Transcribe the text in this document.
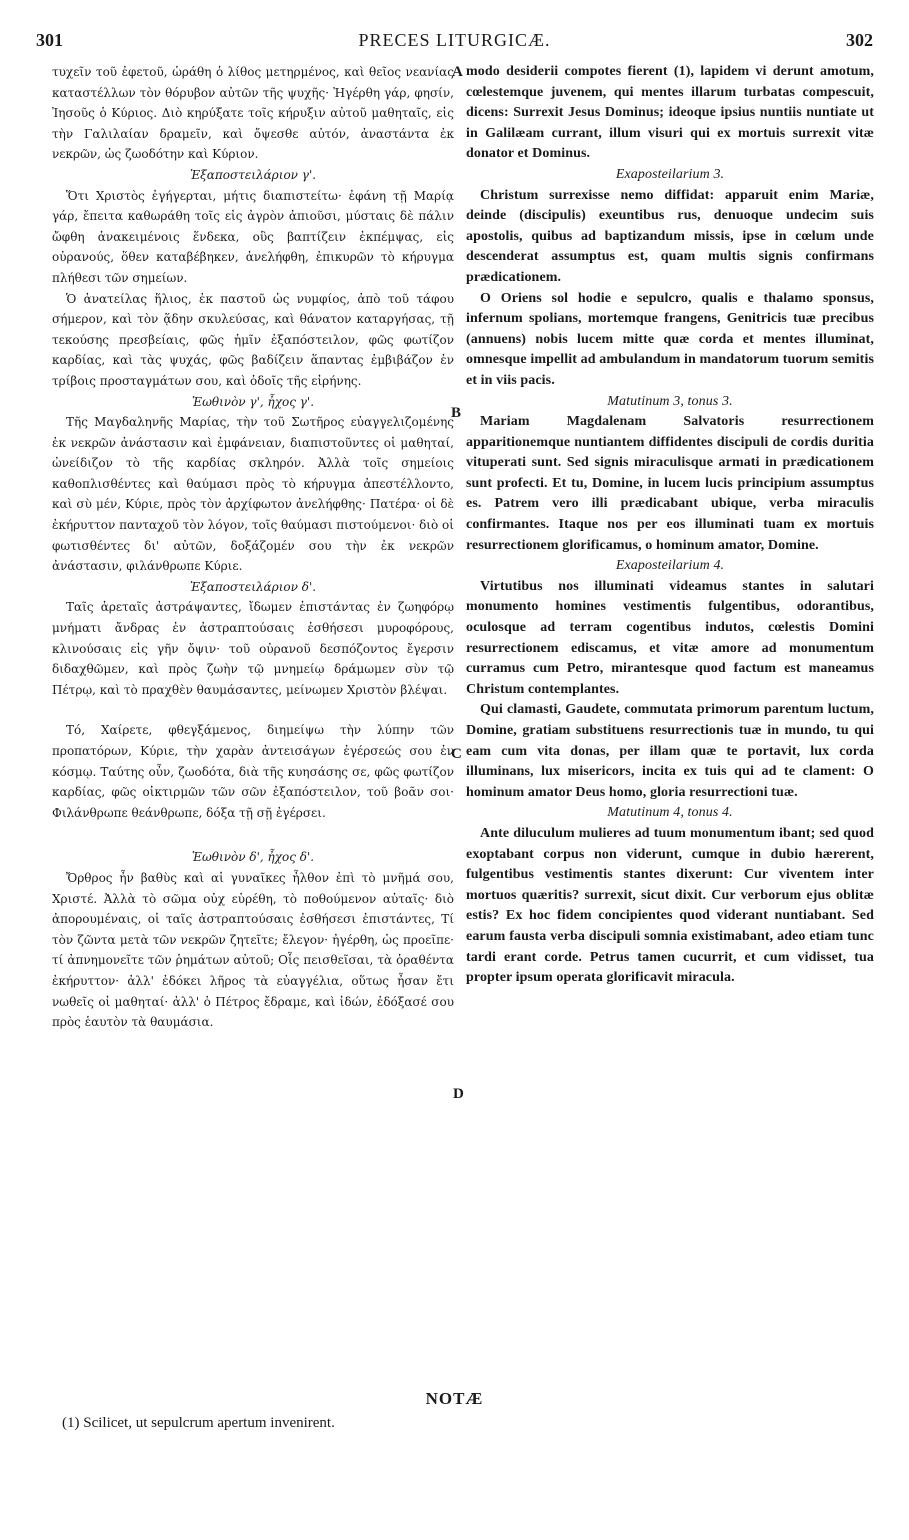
301	PRECES LITURGICÆ.	302
A
B
C
D

τυχεῖν τοῦ ἐφετοῦ, ὡράθη ὁ λίθος μετηρμένος, καὶ θεῖος νεανίας καταστέλλων τὸν θόρυβον αὐτῶν τῆς ψυχῆς· Ἠγέρθη γάρ, φησίν, Ἰησοῦς ὁ Κύριος. Διὸ κηρύξατε τοῖς κήρυξιν αὐτοῦ μαθηταῖς, εἰς τὴν Γαλιλαίαν δραμεῖν, καὶ ὄψεσθε αὐτόν, ἀναστάντα ἐκ νεκρῶν, ὡς ζωοδότην καὶ Κύριον.

Ἐξαποστειλάριον γ'.

Ὅτι Χριστὸς ἐγήγερται, μήτις διαπιστείτω· ἐφάνη τῇ Μαρίᾳ γάρ, ἔπειτα καθωράθη τοῖς εἰς ἀγρὸν ἀπιοῦσι, μύσταις δὲ πάλιν ὤφθη ἀνακειμένοις ἕνδεκα, οὓς βαπτίζειν ἐκπέμψας, εἰς οὐρανούς, ὅθεν καταβέβηκεν, ἀνελήφθη, ἐπικυρῶν τὸ κήρυγμα πλήθεσι τῶν σημείων.

Ὁ ἀνατείλας ἥλιος, ἐκ παστοῦ ὡς νυμφίος, ἀπὸ τοῦ τάφου σήμερον, καὶ τὸν ᾅδην σκυλεύσας, καὶ θάνατον καταργήσας, τῇ τεκούσης πρεσβείαις, φῶς ἡμῖν ἐξαπόστειλον, φῶς φωτίζον καρδίας, καὶ τὰς ψυχάς, φῶς βαδίζειν ἅπαντας ἐμβιβάζον ἐν τρίβοις προσταγμάτων σου, καὶ ὁδοῖς τῆς εἰρήνης.

Ἑωθινὸν γ', ἦχος γ'.

Τῆς Μαγδαληνῆς Μαρίας, τὴν τοῦ Σωτῆρος εὐαγγελιζομένης ἐκ νεκρῶν ἀνάστασιν καὶ ἐμφάνειαν, διαπιστοῦντες οἱ μαθηταί, ὠνείδιζον τὸ τῆς καρδίας σκληρόν. Ἀλλὰ τοῖς σημείοις καθοπλισθέντες καὶ θαύμασι πρὸς τὸ κήρυγμα ἀπεστέλλοντο, καὶ σὺ μέν, Κύριε, πρὸς τὸν ἀρχίφωτον ἀνελήφθης· Πατέρα· οἱ δὲ ἐκήρυττον πανταχοῦ τὸν λόγον, τοῖς θαύμασι πιστούμενοι· διὸ οἱ φωτισθέντες δι' αὐτῶν, δοξάζομέν σου τὴν ἐκ νεκρῶν ἀνάστασιν, φιλάνθρωπε Κύριε.

Ἐξαποστειλάριον δ'.

Ταῖς ἀρεταῖς ἀστράψαντες, ἴδωμεν ἐπιστάντας ἐν ζωηφόρῳ μνήματι ἄνδρας ἐν ἀστραπτούσαις ἐσθήσεσι μυροφόρους, κλινούσαις εἰς γῆν ὄψιν· τοῦ οὐρανοῦ δεσπόζοντος ἔγερσιν διδαχθῶμεν, καὶ πρὸς ζωὴν τῷ μνημείῳ δράμωμεν σὺν τῷ Πέτρῳ, καὶ τὸ πραχθὲν θαυμάσαντες, μείνωμεν Χριστὸν βλέψαι.

Τό, Χαίρετε, φθεγξάμενος, διημείψω τὴν λύπην τῶν προπατόρων, Κύριε, τὴν χαρὰν ἀντεισάγων ἐγέρσεώς σου ἐν κόσμῳ. Ταύτης οὖν, ζωοδότα, διὰ τῆς κυησάσης σε, φῶς φωτίζον καρδίας, φῶς οἰκτιρμῶν τῶν σῶν ἐξαπόστειλον, τοῦ βοᾶν σοι· Φιλάνθρωπε θεάνθρωπε, δόξα τῇ σῇ ἐγέρσει.

Ἑωθινὸν δ', ἦχος δ'.

Ὄρθρος ἦν βαθὺς καὶ αἱ γυναῖκες ἦλθον ἐπὶ τὸ μνῆμά σου, Χριστέ. Ἀλλὰ τὸ σῶμα οὐχ εὑρέθη, τὸ ποθούμενον αὐταῖς· διὸ ἀπορουμέναις, οἱ ταῖς ἀστραπτούσαις ἐσθήσεσι ἐπιστάντες, Τί τὸν ζῶντα μετὰ τῶν νεκρῶν ζητεῖτε; ἔλεγον· ἠγέρθη, ὡς προεῖπε· τί ἀπνημονεῖτε τῶν ῥημάτων αὐτοῦ; Οἷς πεισθεῖσαι, τὰ ὁραθέντα ἐκήρυττον· ἀλλ' ἐδόκει λῆρος τὰ εὐαγγέλια, οὕτως ἦσαν ἔτι νωθεῖς οἱ μαθηταί· ἀλλ' ὁ Πέτρος ἔδραμε, καὶ ἰδών, ἐδόξασέ σου πρὸς ἑαυτὸν τὰ θαυμάσια.

modo desiderii compotes fierent (1), lapidem vi derunt amotum, cœlestemque juvenem, qui mentes illarum turbatas compescuit, dicens: Surrexit Jesus Dominus; ideoque ipsius nuntiis nuntiate ut in Galilæam currant, illum visuri qui ex mortuis surrexit vitæ donator et Dominus.

Exaposteilarium 3.

Christum surrexisse nemo diffidat: apparuit enim Mariæ, deinde (discipulis) exeuntibus rus, denuoque undecim suis apostolis, quibus ad baptizandum missis, ipse in cœlum unde descenderat assumptus est, quam multis signis confirmans prædicationem.

O Oriens sol hodie e sepulcro, qualis e thalamo sponsus, infernum spolians, mortemque frangens, Genitricis tuæ precibus (annuens) nobis lucem mitte quæ corda et mentes illuminat, omnesque impellit ad ambulandum in mandatorum tuorum semitis et in viis pacis.

Matutinum 3, tonus 3.

Mariam Magdalenam Salvatoris resurrectionem apparitionemque nuntiantem diffidentes discipuli de cordis duritia vituperati sunt. Sed signis miraculisque armati in prædicationem sunt profecti. Et tu, Domine, in lucem lucis principium assumptus es. Patrem vero illi prædicabant ubique, verba miraculis confirmantes. Itaque nos per eos illuminati tuam ex mortuis resurrectionem glorificamus, o hominum amator, Domine.

Exaposteilarium 4.

Virtutibus nos illuminati videamus stantes in salutari monumento homines vestimentis fulgentibus, odorantibus, oculosque ad terram cogentibus indutos, cœlestis Domini resurrectionem ediscamus, et vitæ amore ad monumentum curramus cum Petro, mirantesque quod factum est maneamus Christum contemplantes.

Qui clamasti, Gaudete, commutata primorum parentum luctum, Domine, gratiam substituens resurrectionis tuæ in mundo, tu qui eam cum vita donas, per illam quæ te portavit, lux corda illuminans, lux misericors, incita ex tuis qui ad te clament: O hominum amator Deus homo, gloria resurrectioni tuæ.

Matutinum 4, tonus 4.

Ante diluculum mulieres ad tuum monumentum ibant; sed quod exoptabant corpus non viderunt, cumque in dubio hærerent, fulgentibus vestimentis stantes dixerunt: Cur viventem inter mortuos quæritis? surrexit, sicut dixit. Cur verborum ejus oblitæ estis? Ex hoc fidem concipientes quod viderant nuntiabant. Sed earum fausta verba discipuli somnia existimabant, adeo etiam tunc tardi erant corde. Petrus tamen cucurrit, et cum vidisset, tua propter ipsum operata glorificavit miracula.

NOTÆ
(1) Scilicet, ut sepulcrum apertum invenirent.
